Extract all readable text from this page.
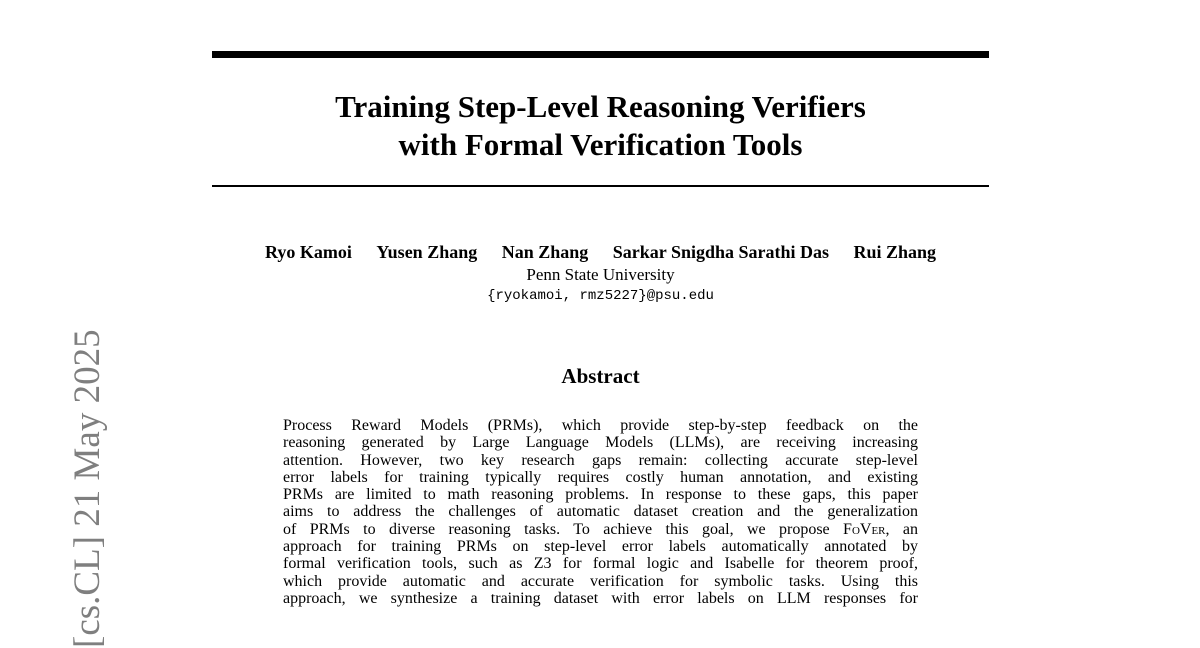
Training Step-Level Reasoning Verifiers
with Formal Verification Tools
Ryo Kamoi Yusen Zhang Nan Zhang Sarkar Snigdha Sarathi Das Rui Zhang
Penn State University
{ryokamoi, rmz5227}@psu.edu
Abstract
Process Reward Models (PRMs), which provide step-by-step feedback on the
reasoning generated by Large Language Models (LLMs), are receiving increasing
attention. However, two key research gaps remain: collecting accurate step-level
error labels for training typically requires costly human annotation, and existing
PRMs are limited to math reasoning problems. In response to these gaps, this paper
aims to address the challenges of automatic dataset creation and the generalization
of PRMs to diverse reasoning tasks. To achieve this goal, we propose FoVer, an
approach for training PRMs on step-level error labels automatically annotated by
formal verification tools, such as Z3 for formal logic and Isabelle for theorem proof,
which provide automatic and accurate verification for symbolic tasks. Using this
approach, we synthesize a training dataset with error labels on LLM responses for
[cs.CL] 21 May 2025
